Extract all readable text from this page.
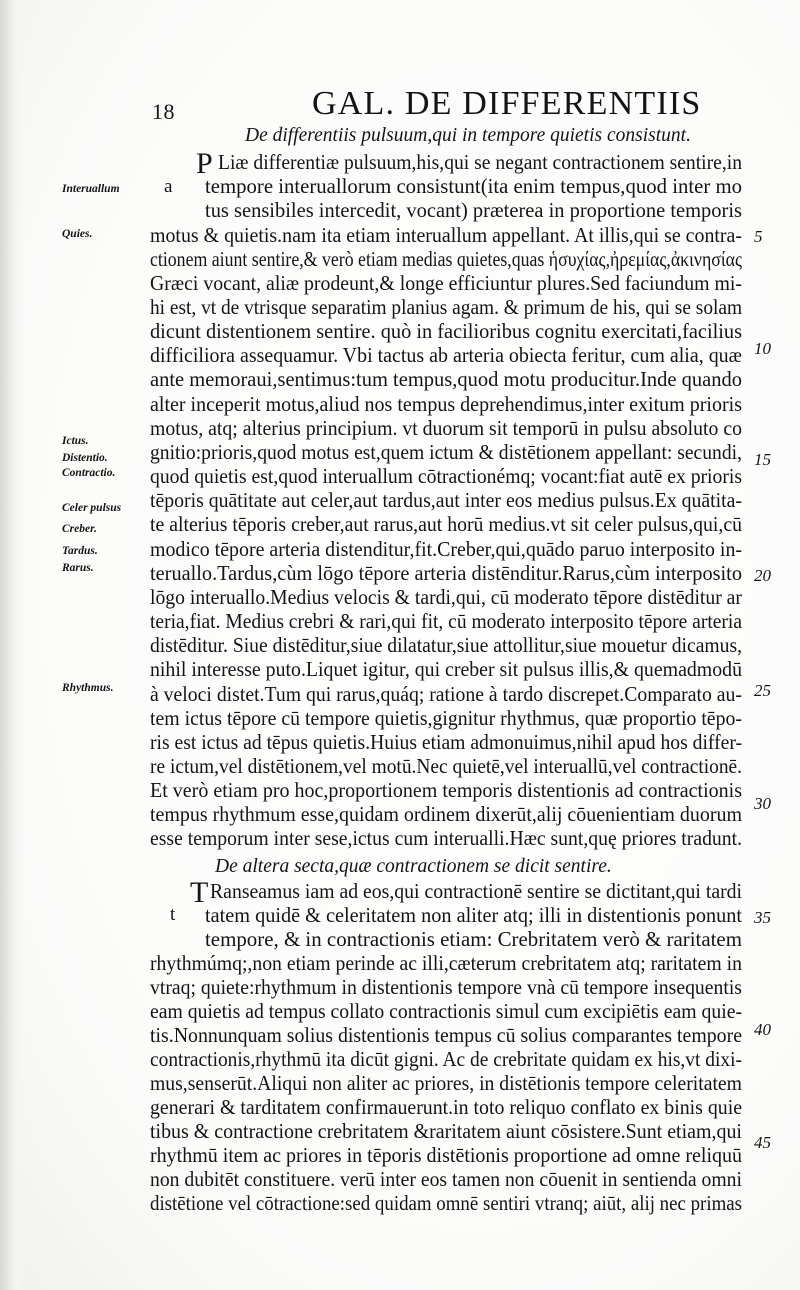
18	GAL. DE DIFFERENTIIS
De differentiis pulsuum,qui in tempore quietis consistunt.
P Liæ differentiæ pulsuum,his,qui se negant contractionem sentire,in
tempore interuallorum consistunt(ita enim tempus,quod inter mo
tus sensibiles intercedit, vocant) præterea in proportione temporis
motus & quietis.nam ita etiam interuallum appellant. At illis,qui se contra-
ctionem aiunt sentire,& verò etiam medias quietes,quas ἡσυχίας,ἠρεμίας,ἀκινησίας
Græci vocant, aliæ prodeunt,& longe efficiuntur plures.Sed faciundum mi-
hi est, vt de vtrisque separatim planius agam. & primum de his, qui se solam
dicunt distentionem sentire. quò in facilioribus cognitu exercitati,facilius
difficiliora assequamur. Vbi tactus ab arteria obiecta feritur, cum alia, quæ
ante memoraui,sentimus:tum tempus,quod motu producitur.Inde quando
alter inceperit motus,aliud nos tempus deprehendimus,inter exitum prioris
motus, atq; alterius principium. vt duorum sit temporū in pulsu absoluto co
gnitio:prioris,quod motus est,quem ictum & distētionem appellant: secundi,
quod quietis est,quod interuallum cōtractionémq; vocant:fiat autē ex prioris
tēporis quātitate aut celer,aut tardus,aut inter eos medius pulsus.Ex quātita-
te alterius tēporis creber,aut rarus,aut horū medius.vt sit celer pulsus,qui,cū
modico tēpore arteria distenditur,fit.Creber,qui,quādo paruo interposito in-
teruallo.Tardus,cùm lōgo tēpore arteria distēnditur.Rarus,cùm interposito
lōgo interuallo.Medius velocis & tardi,qui, cū moderato tēpore distēditur ar
teria,fiat. Medius crebri & rari,qui fit, cū moderato interposito tēpore arteria
distēditur. Siue distēditur,siue dilatatur,siue attollitur,siue mouetur dicamus,
nihil interesse puto.Liquet igitur, qui creber sit pulsus illis,& quemadmodū
à veloci distet.Tum qui rarus,quáq; ratione à tardo discrepet.Comparato au-
tem ictus tēpore cū tempore quietis,gignitur rhythmus, quæ proportio tēpo-
ris est ictus ad tēpus quietis.Huius etiam admonuimus,nihil apud hos differ-
re ictum,vel distētionem,vel motū.Nec quietē,vel interuallū,vel contractionē.
Et verò etiam pro hoc,proportionem temporis distentionis ad contractionis
tempus rhythmum esse,quidam ordinem dixerūt,alij cōuenientiam duorum
esse temporum inter sese,ictus cum interualli.Hæc sunt,quę priores tradunt.
De altera secta,quæ contractionem se dicit sentire.
T Ranseamus iam ad eos,qui contractionē sentire se dictitant,qui tardi
tatem quidē & celeritatem non aliter atq; illi in distentionis ponunt
tempore, & in contractionis etiam: Crebritatem verò & raritatem
rhythmúmq;,non etiam perinde ac illi,cæterum crebritatem atq; raritatem in
vtraq; quiete:rhythmum in distentionis tempore vnà cū tempore insequentis
eam quietis ad tempus collato contractionis simul cum excipiētis eam quie-
tis.Nonnunquam solius distentionis tempus cū solius comparantes tempore
contractionis,rhythmū ita dicūt gigni. Ac de crebritate quidam ex his,vt dixi-
mus,senserūt.Aliqui non aliter ac priores, in distētionis tempore celeritatem
generari & tarditatem confirmauerunt.in toto reliquo conflato ex binis quie
tibus & contractione crebritatem &raritatem aiunt cōsistere.Sunt etiam,qui
rhythmū item ac priores in tēporis distētionis proportione ad omne reliquū
non dubitēt constituere. verū inter eos tamen non cōuenit in sentienda omni
distētione vel cōtractione:sed quidam omnē sentiri vtranq; aiūt, alij nec primas
Interuallum
Quies.
Ictus.
Distentio.
Contractio.
Celer pulsus
Creber.
Tardus.
Rarus.
Rhythmus.
a
t
5
10
15
20
25
30
35
40
45
